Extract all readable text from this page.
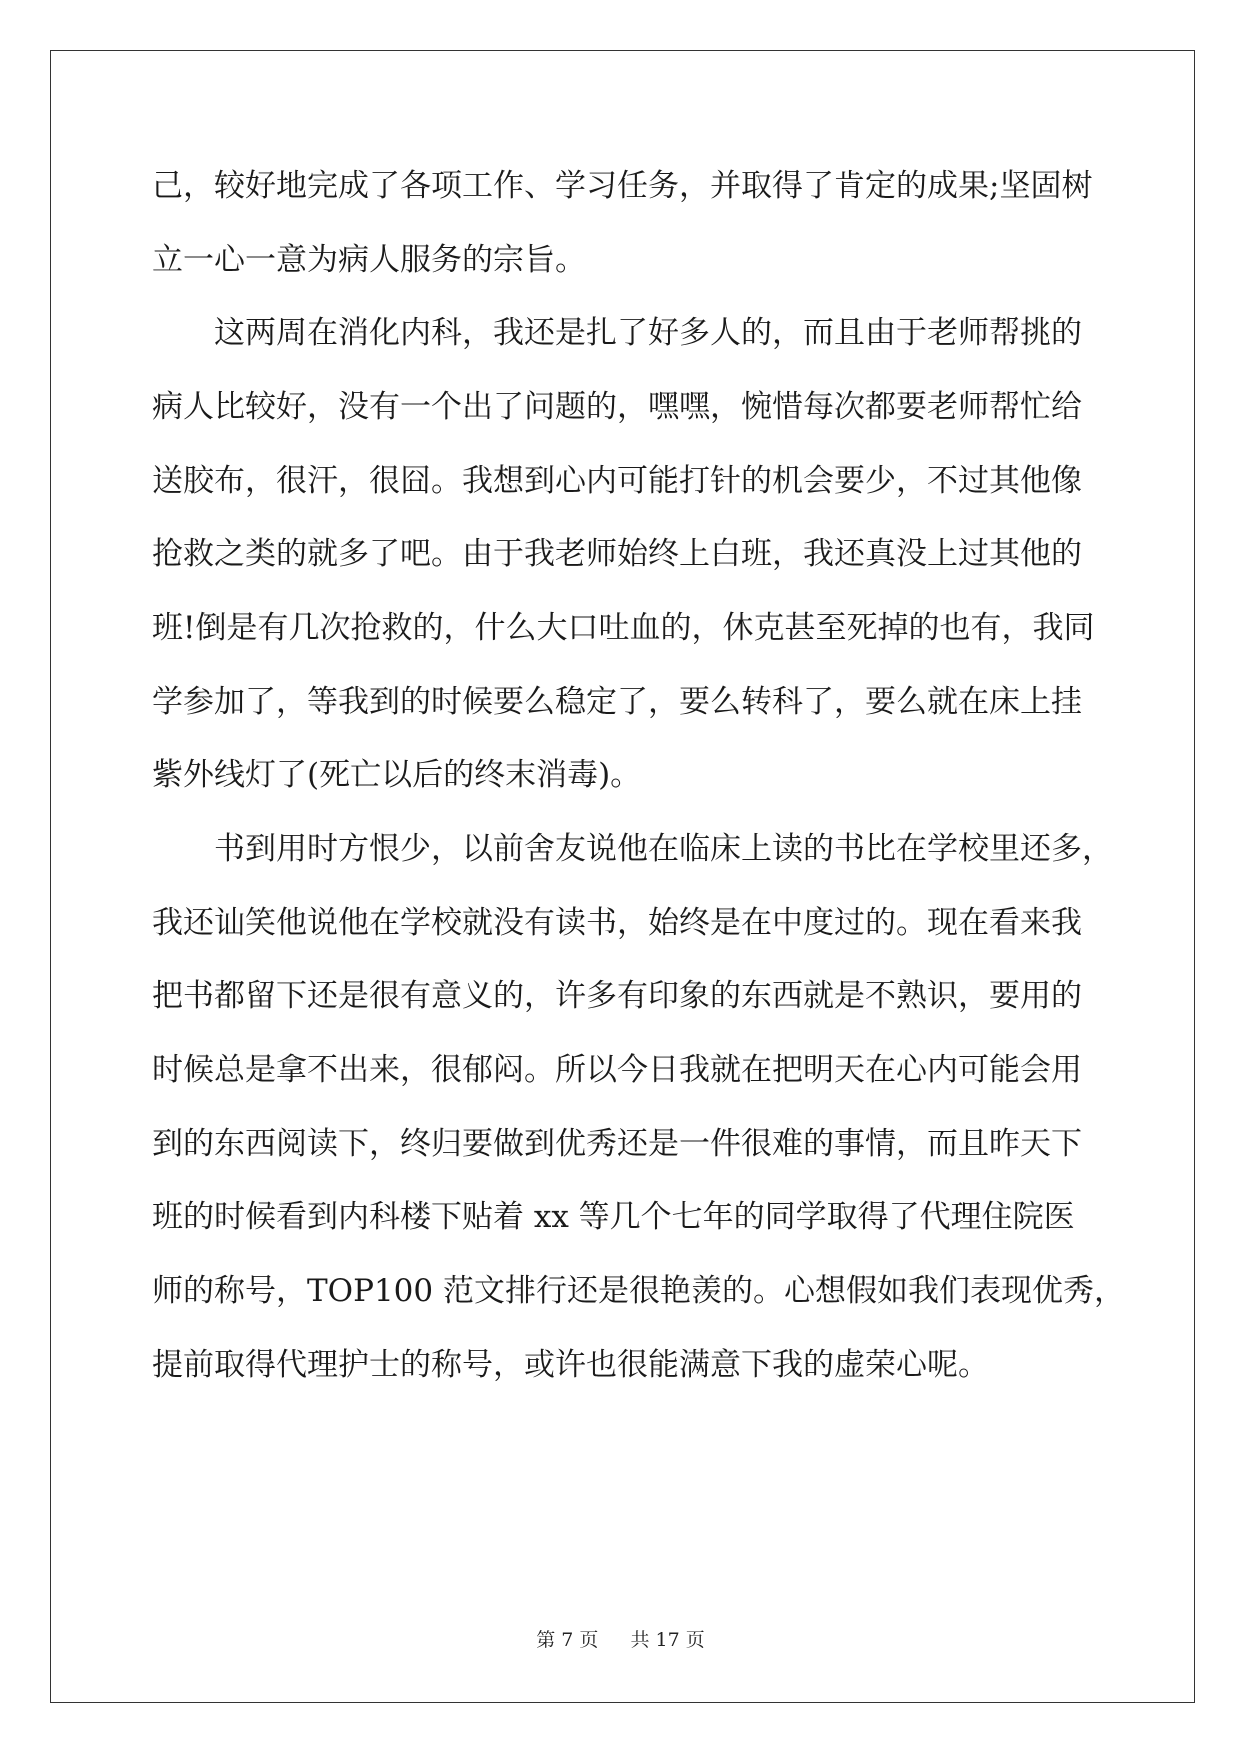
己，较好地完成了各项工作、学习任务，并取得了肯定的成果;坚固树
立一心一意为病人服务的宗旨。
这两周在消化内科，我还是扎了好多人的，而且由于老师帮挑的
病人比较好，没有一个出了问题的，嘿嘿，惋惜每次都要老师帮忙给
送胶布，很汗，很囧。我想到心内可能打针的机会要少，不过其他像
抢救之类的就多了吧。由于我老师始终上白班，我还真没上过其他的
班!倒是有几次抢救的，什么大口吐血的，休克甚至死掉的也有，我同
学参加了，等我到的时候要么稳定了，要么转科了，要么就在床上挂
紫外线灯了(死亡以后的终末消毒)。
书到用时方恨少，以前舍友说他在临床上读的书比在学校里还多，
我还讪笑他说他在学校就没有读书，始终是在中度过的。现在看来我
把书都留下还是很有意义的，许多有印象的东西就是不熟识，要用的
时候总是拿不出来，很郁闷。所以今日我就在把明天在心内可能会用
到的东西阅读下，终归要做到优秀还是一件很难的事情，而且昨天下
班的时候看到内科楼下贴着 xx 等几个七年的同学取得了代理住院医
师的称号，TOP100 范文排行还是很艳羡的。心想假如我们表现优秀，
提前取得代理护士的称号，或许也很能满意下我的虚荣心呢。
第 7 页 共 17 页
